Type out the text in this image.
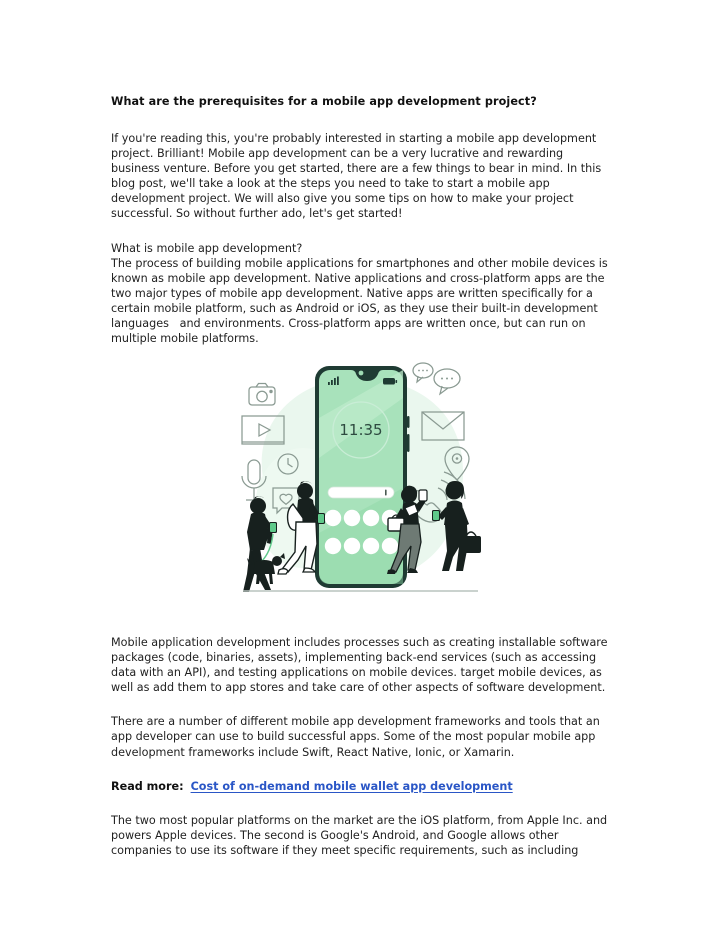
What are the prerequisites for a mobile app development project?

If you're reading this, you're probably interested in starting a mobile app development project. Brilliant! Mobile app development can be a very lucrative and rewarding business venture. Before you get started, there are a few things to bear in mind. In this blog post, we'll take a look at the steps you need to take to start a mobile app development project. We will also give you some tips on how to make your project successful. So without further ado, let's get started!

What is mobile app development?

The process of building mobile applications for smartphones and other mobile devices is known as mobile app development. Native applications and cross-platform apps are the two major types of mobile app development. Native apps are written specifically for a certain mobile platform, such as Android or iOS, as they use their built-in development languages   and environments. Cross-platform apps are written once, but can run on multiple mobile platforms.

11:35

Mobile application development includes processes such as creating installable software packages (code, binaries, assets), implementing back-end services (such as accessing data with an API), and testing applications on mobile devices. target mobile devices, as well as add them to app stores and take care of other aspects of software development.

There are a number of different mobile app development frameworks and tools that an app developer can use to build successful apps. Some of the most popular mobile app development frameworks include Swift, React Native, Ionic, or Xamarin.

Read more: Cost of on-demand mobile wallet app development

The two most popular platforms on the market are the iOS platform, from Apple Inc. and powers Apple devices. The second is Google's Android, and Google allows other companies to use its software if they meet specific requirements, such as including
